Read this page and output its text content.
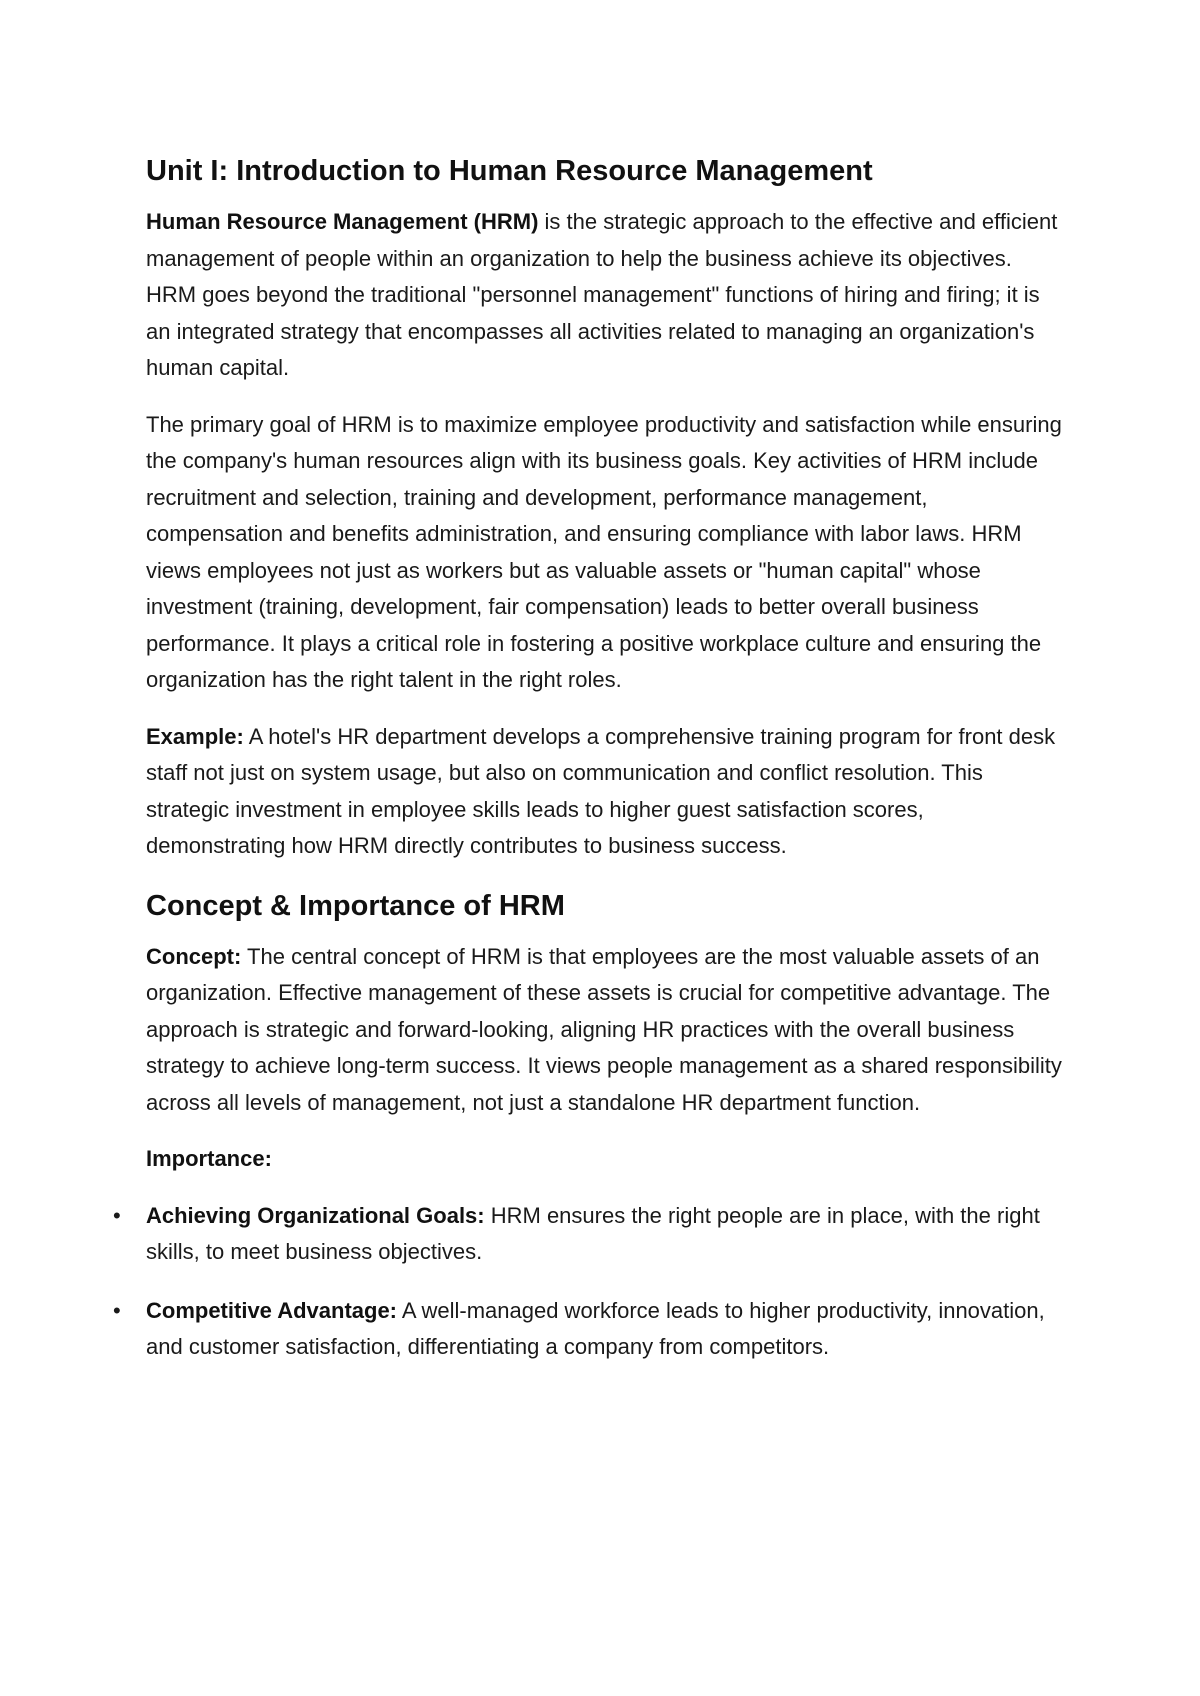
Unit I: Introduction to Human Resource Management

Human Resource Management (HRM) is the strategic approach to the effective and efficient management of people within an organization to help the business achieve its objectives. HRM goes beyond the traditional "personnel management" functions of hiring and firing; it is an integrated strategy that encompasses all activities related to managing an organization's human capital.

The primary goal of HRM is to maximize employee productivity and satisfaction while ensuring the company's human resources align with its business goals. Key activities of HRM include recruitment and selection, training and development, performance management, compensation and benefits administration, and ensuring compliance with labor laws. HRM views employees not just as workers but as valuable assets or "human capital" whose investment (training, development, fair compensation) leads to better overall business performance. It plays a critical role in fostering a positive workplace culture and ensuring the organization has the right talent in the right roles.

Example: A hotel's HR department develops a comprehensive training program for front desk staff not just on system usage, but also on communication and conflict resolution. This strategic investment in employee skills leads to higher guest satisfaction scores, demonstrating how HRM directly contributes to business success.

Concept & Importance of HRM

Concept: The central concept of HRM is that employees are the most valuable assets of an organization. Effective management of these assets is crucial for competitive advantage. The approach is strategic and forward-looking, aligning HR practices with the overall business strategy to achieve long-term success. It views people management as a shared responsibility across all levels of management, not just a standalone HR department function.

Importance:

• Achieving Organizational Goals: HRM ensures the right people are in place, with the right skills, to meet business objectives.
• Competitive Advantage: A well-managed workforce leads to higher productivity, innovation, and customer satisfaction, differentiating a company from competitors.
